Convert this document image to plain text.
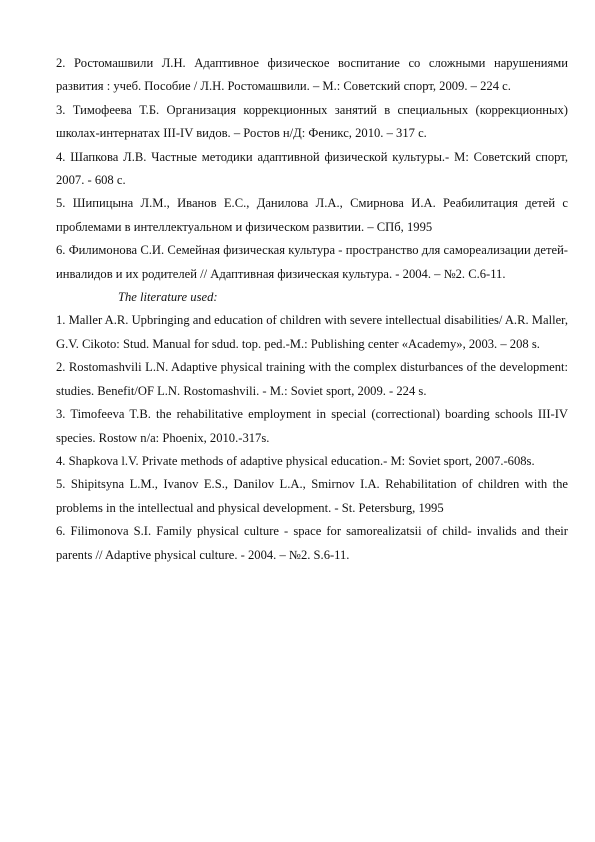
2. Ростомашвили Л.Н. Адаптивное физическое воспитание со сложными нарушениями развития : учеб. Пособие / Л.Н. Ростомашвили. – М.: Советский спорт, 2009. – 224 с.

3. Тимофеева Т.Б. Организация коррекционных занятий в специальных (коррекционных) школах-интернатах III-IV видов. – Ростов н/Д: Феникс, 2010. – 317 с.

4. Шапкова Л.В. Частные методики адаптивной физической культуры.- М: Советский спорт, 2007. - 608 с.

5. Шипицына Л.М., Иванов Е.С., Данилова Л.А., Смирнова И.А. Реабилитация детей с проблемами в интеллектуальном и физическом развитии. – СПб, 1995

6. Филимонова С.И. Семейная физическая культура - пространство для самореализации детей-инвалидов и их родителей // Адаптивная физическая культура. - 2004. – №2. С.6-11.

The literature used:

1. Maller A.R. Upbringing and education of children with severe intellectual disabilities/ A.R. Maller, G.V. Cikoto: Stud. Manual for sdud. top. ped.-M.: Publishing center «Academy», 2003. – 208 s.

2. Rostomashvili L.N. Adaptive physical training with the complex disturbances of the development: studies. Benefit/OF L.N. Rostomashvili. - M.: Soviet sport, 2009. - 224 s.

3. Timofeeva T.B. the rehabilitative employment in special (correctional) boarding schools III-IV species. Rostow n/a: Phoenix, 2010.-317s.

4. Shapkova l.V. Private methods of adaptive physical education.- M: Soviet sport, 2007.-608s.

5. Shipitsyna L.M., Ivanov E.S., Danilov L.A., Smirnov I.A. Rehabilitation of children with the problems in the intellectual and physical development. - St. Petersburg, 1995

6. Filimonova S.I. Family physical culture - space for samorealizatsii of child- invalids and their parents // Adaptive physical culture. - 2004. – №2. S.6-11.
